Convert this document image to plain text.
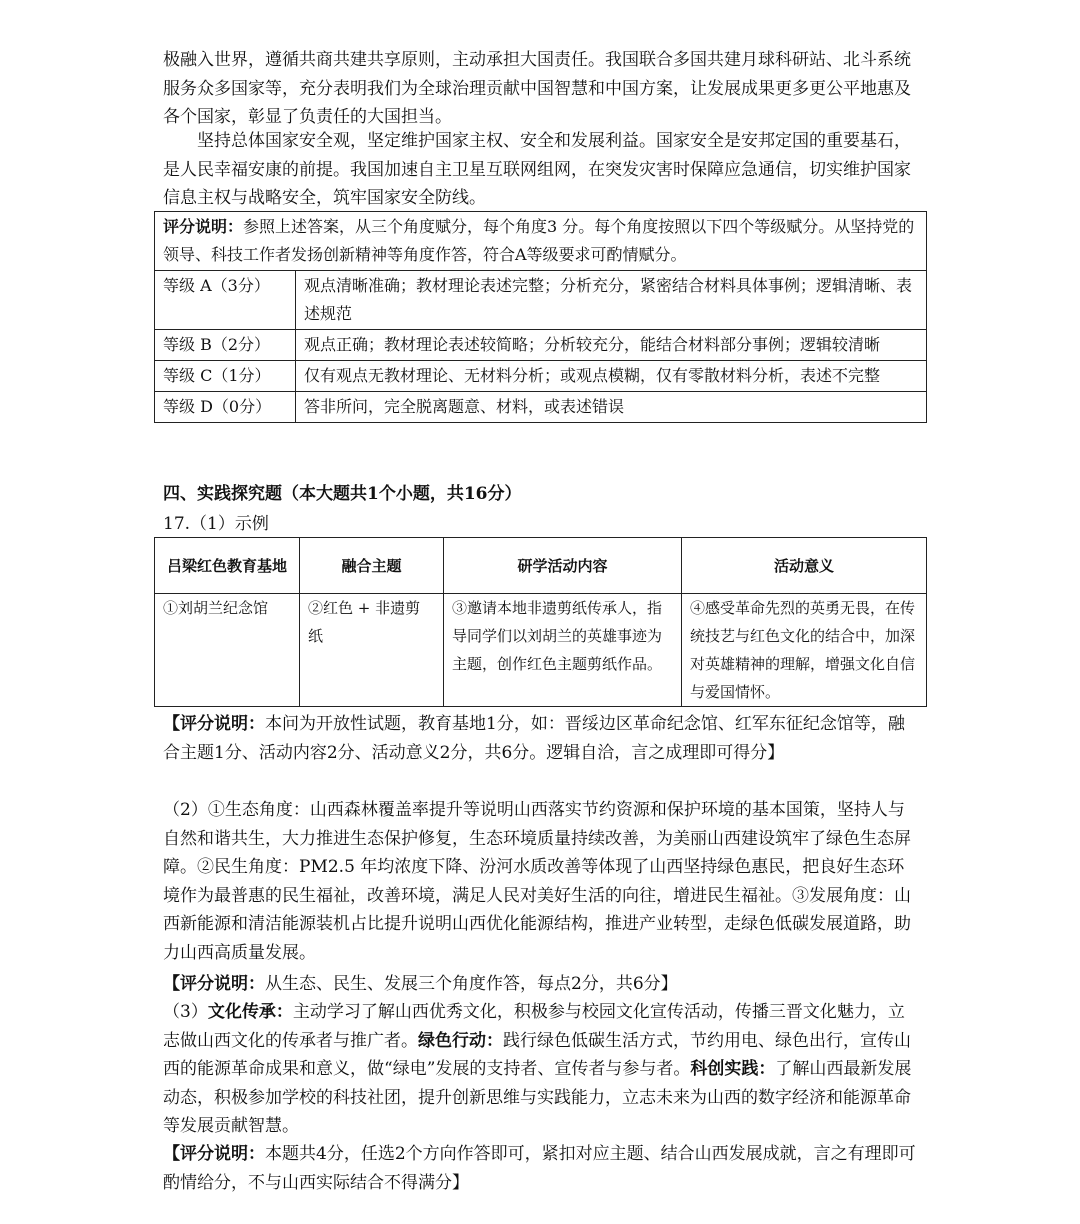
极融入世界，遵循共商共建共享原则，主动承担大国责任。我国联合多国共建月球科研站、北斗系统服务众多国家等，充分表明我们为全球治理贡献中国智慧和中国方案，让发展成果更多更公平地惠及各个国家，彰显了负责任的大国担当。
坚持总体国家安全观，坚定维护国家主权、安全和发展利益。国家安全是安邦定国的重要基石，是人民幸福安康的前提。我国加速自主卫星互联网组网，在突发灾害时保障应急通信，切实维护国家信息主权与战略安全，筑牢国家安全防线。
评分说明：参照上述答案，从三个角度赋分，每个角度3 分。每个角度按照以下四个等级赋分。从坚持党的领导、科技工作者发扬创新精神等角度作答，符合A等级要求可酌情赋分。	
等级 A（3分）	观点清晰准确；教材理论表述完整；分析充分，紧密结合材料具体事例；逻辑清晰、表述规范
等级 B（2分）	观点正确；教材理论表述较简略；分析较充分，能结合材料部分事例；逻辑较清晰
等级 C（1分）	仅有观点无教材理论、无材料分析；或观点模糊，仅有零散材料分析，表述不完整
等级 D（0分）	答非所问，完全脱离题意、材料，或表述错误
四、实践探究题（本大题共1个小题，共16分）
17.（1）示例
吕梁红色教育基地	融合主题	研学活动内容	活动意义
①刘胡兰纪念馆	②红色 + 非遗剪纸	③邀请本地非遗剪纸传承人，指导同学们以刘胡兰的英雄事迹为主题，创作红色主题剪纸作品。	④感受革命先烈的英勇无畏，在传统技艺与红色文化的结合中，加深对英雄精神的理解，增强文化自信与爱国情怀。
【评分说明：本问为开放性试题，教育基地1分，如：晋绥边区革命纪念馆、红军东征纪念馆等，融合主题1分、活动内容2分、活动意义2分，共6分。逻辑自洽，言之成理即可得分】
（2）①生态角度：山西森林覆盖率提升等说明山西落实节约资源和保护环境的基本国策，坚持人与自然和谐共生，大力推进生态保护修复，生态环境质量持续改善，为美丽山西建设筑牢了绿色生态屏障。②民生角度：PM2.5 年均浓度下降、汾河水质改善等体现了山西坚持绿色惠民，把良好生态环境作为最普惠的民生福祉，改善环境，满足人民对美好生活的向往，增进民生福祉。③发展角度：山西新能源和清洁能源装机占比提升说明山西优化能源结构，推进产业转型，走绿色低碳发展道路，助力山西高质量发展。
【评分说明：从生态、民生、发展三个角度作答，每点2分，共6分】
（3）文化传承：主动学习了解山西优秀文化，积极参与校园文化宣传活动，传播三晋文化魅力，立志做山西文化的传承者与推广者。绿色行动：践行绿色低碳生活方式，节约用电、绿色出行，宣传山西的能源革命成果和意义，做“绿电”发展的支持者、宣传者与参与者。科创实践：了解山西最新发展动态，积极参加学校的科技社团，提升创新思维与实践能力，立志未来为山西的数字经济和能源革命等发展贡献智慧。
【评分说明：本题共4分，任选2个方向作答即可，紧扣对应主题、结合山西发展成就，言之有理即可酌情给分，不与山西实际结合不得满分】
